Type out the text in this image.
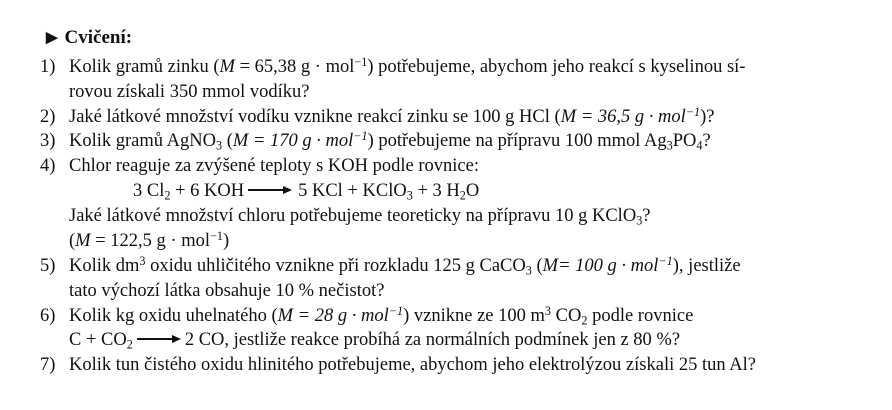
▶ Cvičení:
1) Kolik gramů zinku (M = 65,38 g · mol$^{-1}$) potřebujeme, abychom jeho reakcí s kyselinou sí-
rovou získali 350 mmol vodíku?
2) Jaké látkové množství vodíku vznikne reakcí zinku se 100 g HCl (M = 36,5 g · mol$^{-1}$)?
3) Kolik gramů AgNO$_3$ (M = 170 g · mol$^{-1}$) potřebujeme na přípravu 100 mmol $Ag_3PO_4$?
4) Chlor reaguje za zvýšené teploty s KOH podle rovnice:
3 $Cl_2 + 6$ KOH	5 KCl + KClO$_3$ + 3 $H_2O$
Jaké látkové množství chloru potřebujeme teoreticky na přípravu 10 g KClO$_3$?
(M = 122,5 g · mol$^{-1}$)
5) Kolik $dm^3$ oxidu uhličitého vznikne při rozkladu 125 g CaCO$_3$ (M= 100 g · mol$^{-1}$), jestliže
tato výchozí látka obsahuje 10 % nečistot?
6) Kolik kg oxidu uhelnatého (M = 28 g · mol$^{-1}$) vznikne ze 100 $m^3$ $CO_2$ podle rovnice
$C + CO_2$	2 CO, jestliže reakce probíhá za normálních podmínek jen z 80 %?
7) Kolik tun čistého oxidu hlinitého potřebujeme, abychom jeho elektrolýzou získali 25 tun Al?
